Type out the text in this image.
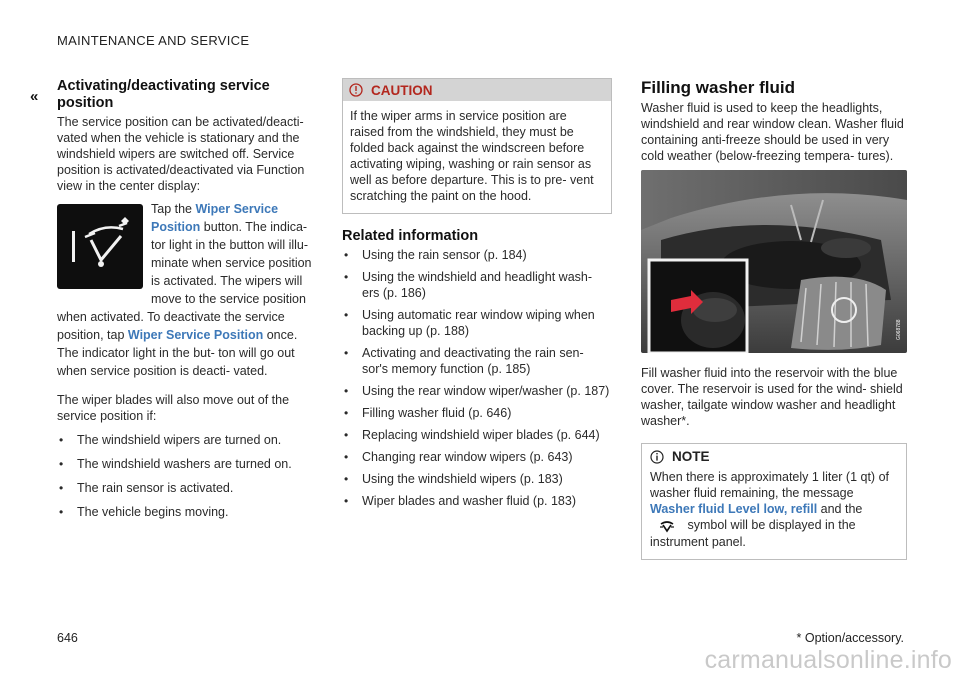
MAINTENANCE AND SERVICE
«
Activating/deactivating service position
The service position can be activated/deacti- vated when the vehicle is stationary and the windshield wipers are switched off. Service position is activated/deactivated via Function view in the center display:
Tap the Wiper Service Position button. The indica- tor light in the button will illu- minate when service position is activated. The wipers will move to the service position when activated. To deactivate the service position, tap Wiper Service Position once. The indicator light in the but- ton will go out when service position is deacti- vated.
The wiper blades will also move out of the service position if:
• The windshield wipers are turned on.
• The windshield washers are turned on.
• The rain sensor is activated.
• The vehicle begins moving.
CAUTION
If the wiper arms in service position are raised from the windshield, they must be folded back against the windscreen before activating wiping, washing or rain sensor as well as before departure. This is to pre- vent scratching the paint on the hood.
Related information
• Using the rain sensor (p. 184)
• Using the windshield and headlight wash- ers (p. 186)
• Using automatic rear window wiping when backing up (p. 188)
• Activating and deactivating the rain sen- sor's memory function (p. 185)
• Using the rear window wiper/washer (p. 187)
• Filling washer fluid (p. 646)
• Replacing windshield wiper blades (p. 644)
• Changing rear window wipers (p. 643)
• Using the windshield wipers (p. 183)
• Wiper blades and washer fluid (p. 183)
Filling washer fluid
Washer fluid is used to keep the headlights, windshield and rear window clean. Washer fluid containing anti-freeze should be used in very cold weather (below-freezing tempera- tures).
G068788
Fill washer fluid into the reservoir with the blue cover. The reservoir is used for the wind- shield washer, tailgate window washer and headlight washer*.
NOTE
When there is approximately 1 liter (1 qt) of washer fluid remaining, the message Washer fluid Level low, refill and the
symbol will be displayed in the instrument panel.
646	* Option/accessory.
carmanualsonline.info
